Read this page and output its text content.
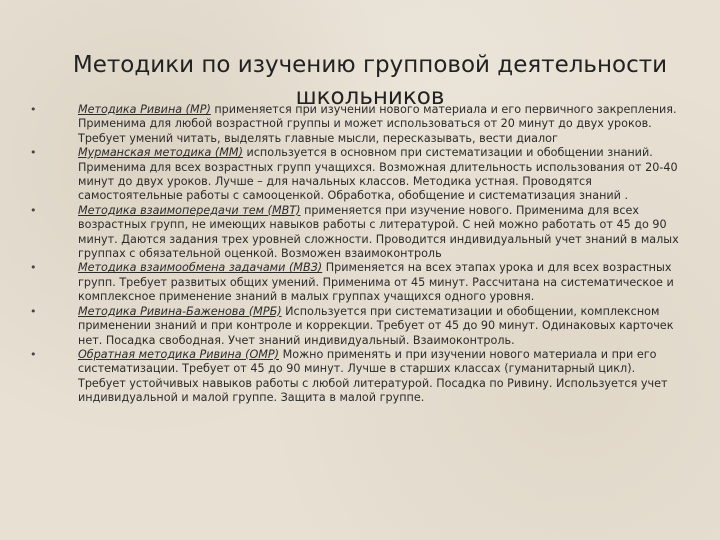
Методики по изучению групповой деятельности школьников
•	Методика Ривина (МР) применяется при изучении нового материала и его первичного закрепления. Применима для любой возрастной группы и может использоваться от 20 минут до двух уроков. Требует умений читать, выделять главные мысли, пересказывать, вести диалог
•	Мурманская методика (ММ) используется в основном при систематизации и обобщении знаний. Применима для всех возрастных групп учащихся. Возможная длительность использования от 20-40 минут до двух уроков. Лучше – для начальных классов. Методика устная. Проводятся самостоятельные работы с самооценкой. Обработка, обобщение и систематизация знаний .
•	Методика взаимопередачи тем (МВТ) применяется при изучение нового. Применима для всех возрастных групп, не имеющих навыков работы с литературой. С ней можно работать от 45 до 90 минут. Даются задания трех уровней сложности. Проводится индивидуальный учет знаний в малых группах с обязательной оценкой. Возможен взаимоконтроль
•	Методика взаимообмена задачами (МВЗ) Применяется на всех этапах урока и для всех возрастных групп. Требует развитых общих умений. Применима от 45 минут. Рассчитана на систематическое и комплексное применение знаний в малых группах учащихся одного уровня.
•	Методика Ривина-Баженова (МРБ) Используется при систематизации и обобщении, комплексном применении знаний и при контроле и коррекции. Требует от 45 до 90 минут. Одинаковых карточек нет. Посадка свободная. Учет знаний индивидуальный. Взаимоконтроль.
•	Обратная методика Ривина (ОМР) Можно применять и при изучении нового материала и при его систематизации. Требует от 45 до 90 минут. Лучше в старших классах (гуманитарный цикл). Требует устойчивых навыков работы с любой литературой. Посадка по Ривину. Используется учет индивидуальной и малой группе. Защита в малой группе.
